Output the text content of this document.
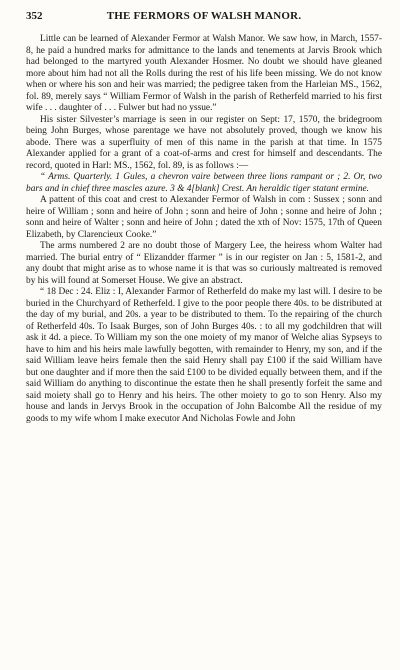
352	THE FERMORS OF WALSH MANOR.

Little can be learned of Alexander Fermor at Walsh Manor. We saw how, in March, 1557-8, he paid a hundred marks for admittance to the lands and tenements at Jarvis Brook which had belonged to the martyred youth Alexander Hosmer. No doubt we should have gleaned more about him had not all the Rolls during the rest of his life been missing. We do not know when or where his son and heir was married; the pedigree taken from the Harleian MS., 1562, fol. 89, merely says “ William Fermor of Walsh in the parish of Retherfeld married to his first wife . . . daughter of . . . Fulwer but had no yssue.”

His sister Silvester’s marriage is seen in our register on Sept: 17, 1570, the bridegroom being John Burges, whose parentage we have not absolutely proved, though we know his abode. There was a superfluity of men of this name in the parish at that time. In 1575 Alexander applied for a grant of a coat-of-arms and crest for himself and descendants. The record, quoted in Harl: MS., 1562, fol. 89, is as follows :—

“ Arms. Quarterly. 1 Gules, a chevron vaire between three lions rampant or ; 2. Or, two bars and in chief three mascles azure. 3 & 4[blank] Crest. An heraldic tiger statant ermine.

A pattent of this coat and crest to Alexander Fermor of Walsh in com : Sussex ; sonn and heire of William ; sonn and heire of John ; sonn and heire of John ; sonne and heire of John ; sonn and heire of Walter ; sonn and heire of John ; dated the xth of Nov: 1575, 17th of Queen Elizabeth, by Clarencieux Cooke.”

The arms numbered 2 are no doubt those of Margery Lee, the heiress whom Walter had married. The burial entry of “ Elizandder ffarmer ” is in our register on Jan : 5, 1581-2, and any doubt that might arise as to whose name it is that was so curiously maltreated is removed by his will found at Somerset House. We give an abstract.

“ 18 Dec : 24. Eliz : I, Alexander Farmor of Retherfeld do make my last will. I desire to be buried in the Churchyard of Retherfeld. I give to the poor people there 40s. to be distributed at the day of my burial, and 20s. a year to be distributed to them. To the repairing of the church of Retherfeld 40s. To Isaak Burges, son of John Burges 40s. : to all my godchildren that will ask it 4d. a piece. To William my son the one moiety of my manor of Welche alias Sypseys to have to him and his heirs male lawfully begotten, with remainder to Henry, my son, and if the said William leave heirs female then the said Henry shall pay £100 if the said William have but one daughter and if more then the said £100 to be divided equally between them, and if the said William do anything to discontinue the estate then he shall presently forfeit the same and said moiety shall go to Henry and his heirs. The other moiety to go to son Henry. Also my house and lands in Jervys Brook in the occupation of John Balcombe All the residue of my goods to my wife whom I make executor And Nicholas Fowle and John
